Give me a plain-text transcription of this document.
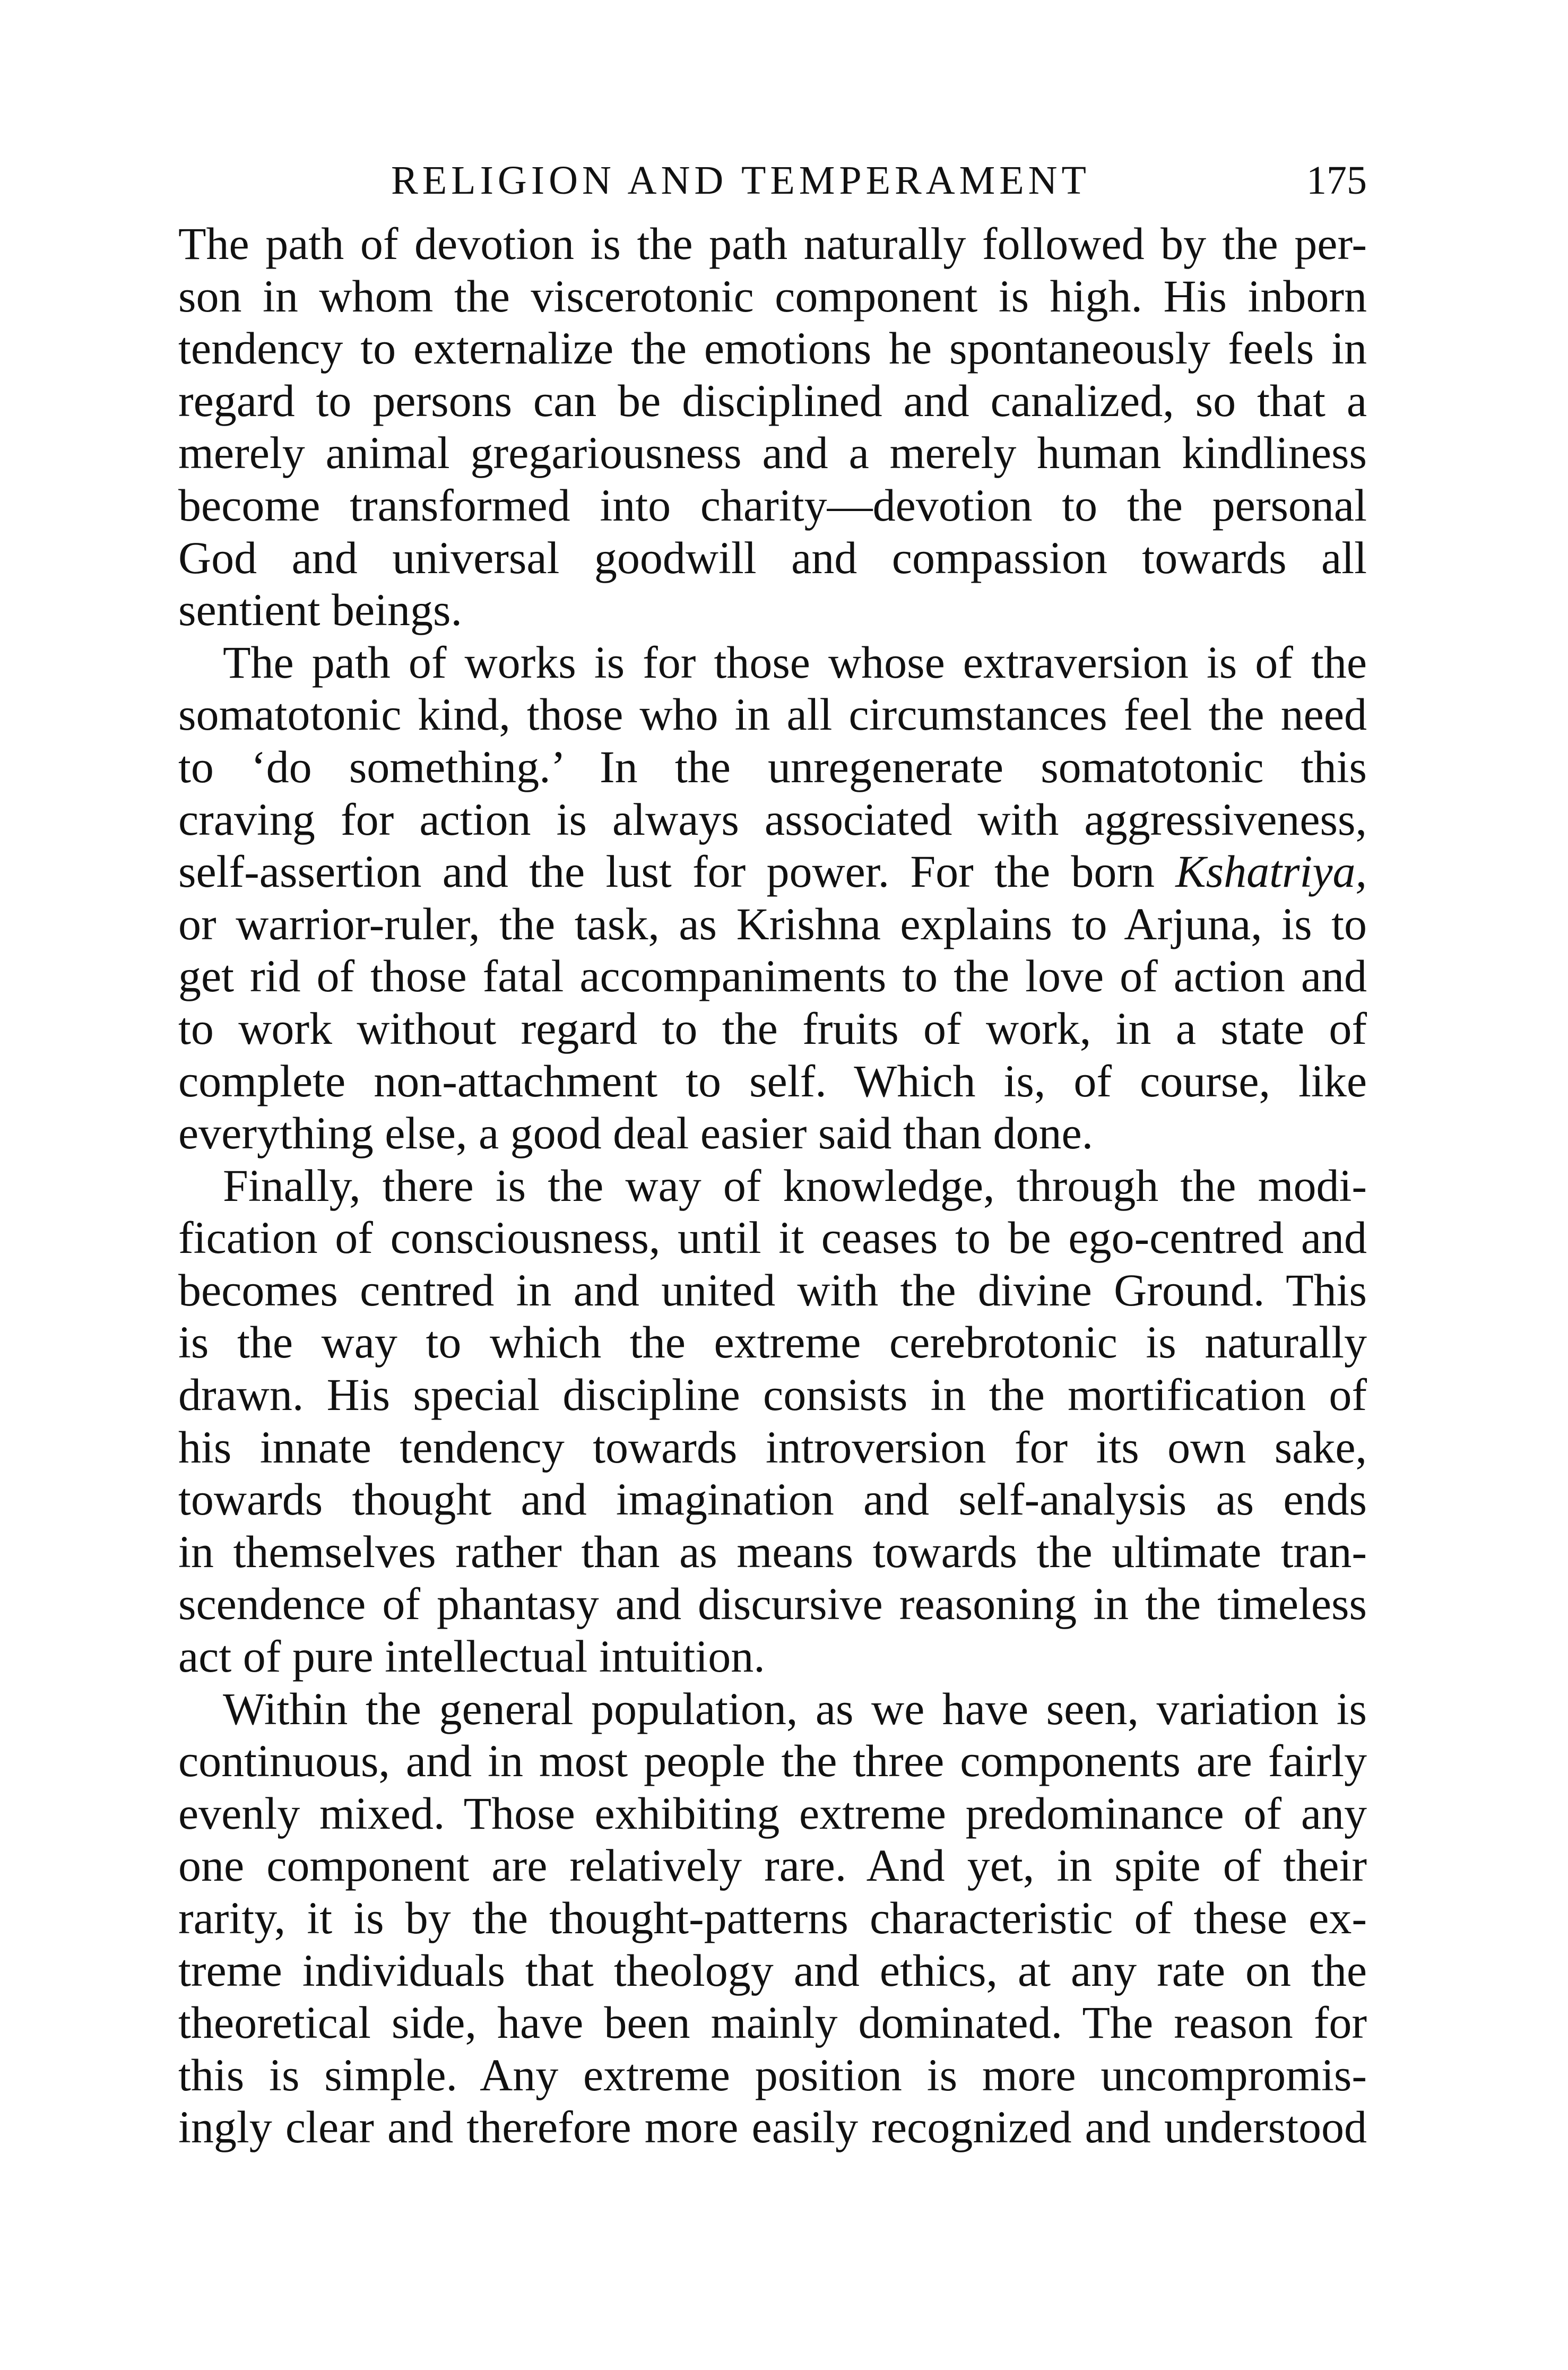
RELIGION AND TEMPERAMENT	175
The path of devotion is the path naturally followed by the per-
son in whom the viscerotonic component is high. His inborn
tendency to externalize the emotions he spontaneously feels in
regard to persons can be disciplined and canalized, so that a
merely animal gregariousness and a merely human kindliness
become transformed into charity—devotion to the personal
God and universal goodwill and compassion towards all
sentient beings.
The path of works is for those whose extraversion is of the
somatotonic kind, those who in all circumstances feel the need
to ‘do something.’ In the unregenerate somatotonic this
craving for action is always associated with aggressiveness,
self-assertion and the lust for power. For the born Kshatriya,
or warrior-ruler, the task, as Krishna explains to Arjuna, is to
get rid of those fatal accompaniments to the love of action and
to work without regard to the fruits of work, in a state of
complete non-attachment to self. Which is, of course, like
everything else, a good deal easier said than done.
Finally, there is the way of knowledge, through the modi-
fication of consciousness, until it ceases to be ego-centred and
becomes centred in and united with the divine Ground. This
is the way to which the extreme cerebrotonic is naturally
drawn. His special discipline consists in the mortification of
his innate tendency towards introversion for its own sake,
towards thought and imagination and self-analysis as ends
in themselves rather than as means towards the ultimate tran-
scendence of phantasy and discursive reasoning in the timeless
act of pure intellectual intuition.
Within the general population, as we have seen, variation is
continuous, and in most people the three components are fairly
evenly mixed. Those exhibiting extreme predominance of any
one component are relatively rare. And yet, in spite of their
rarity, it is by the thought-patterns characteristic of these ex-
treme individuals that theology and ethics, at any rate on the
theoretical side, have been mainly dominated. The reason for
this is simple. Any extreme position is more uncompromis-
ingly clear and therefore more easily recognized and understood
